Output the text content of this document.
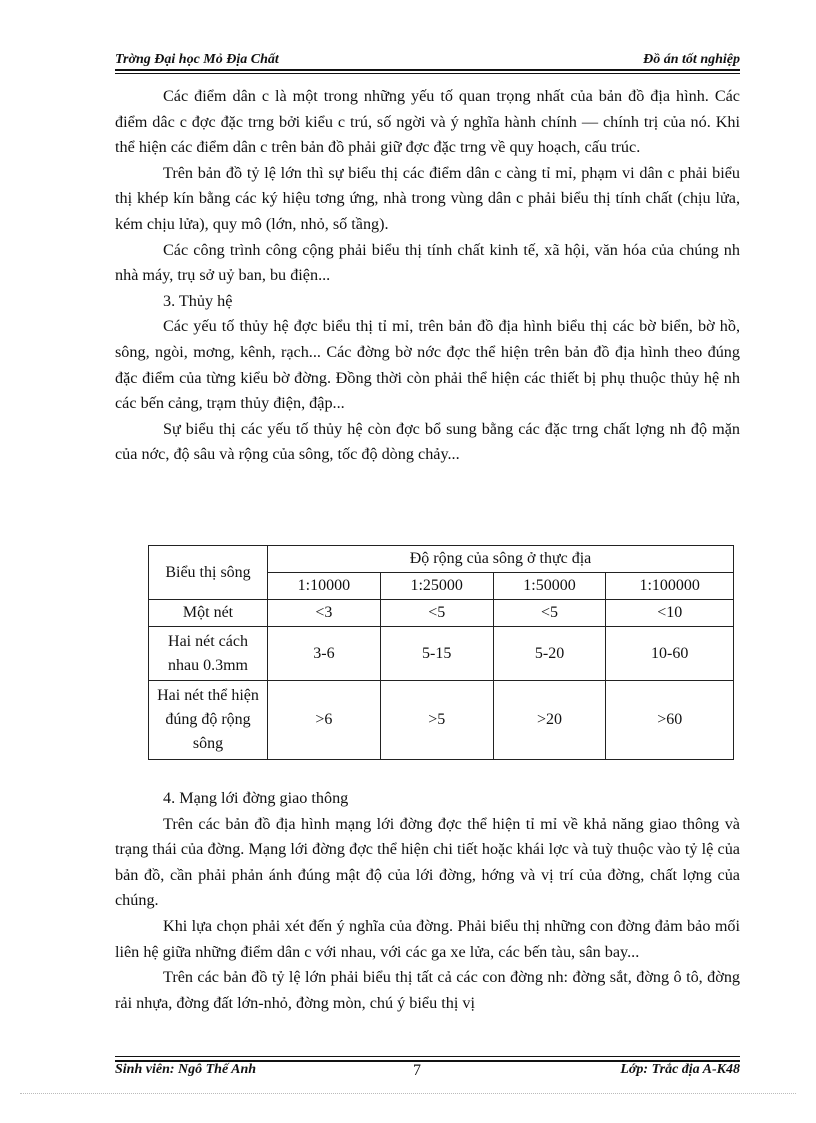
Trờng Đại học Mỏ Địa Chất	Đồ án tốt nghiệp

Các điểm dân c là một trong những yếu tố quan trọng nhất của bản đồ địa hình. Các điểm dâc c đợc đặc trng bởi kiểu c trú, số ngời và ý nghĩa hành chính — chính trị của nó. Khi thể hiện các điểm dân c trên bản đồ phải giữ đợc đặc trng về quy hoạch, cấu trúc.

Trên bản đồ tỷ lệ lớn thì sự biểu thị các điểm dân c càng tỉ mỉ, phạm vi dân c phải biểu thị khép kín bằng các ký hiệu tơng ứng, nhà trong vùng dân c phải biểu thị tính chất (chịu lửa, kém chịu lửa), quy mô (lớn, nhỏ, số tầng).

Các công trình công cộng phải biểu thị tính chất kinh tế, xã hội, văn hóa của chúng nh nhà máy, trụ sở uỷ ban, bu điện...

3. Thủy hệ

Các yếu tố thủy hệ đợc biểu thị tỉ mỉ, trên bản đồ địa hình biểu thị các bờ biển, bờ hồ, sông, ngòi, mơng, kênh, rạch... Các đờng bờ nớc đợc thể hiện trên bản đồ địa hình theo đúng đặc điểm của từng kiểu bờ đờng. Đồng thời còn phải thể hiện các thiết bị phụ thuộc thủy hệ nh các bến cảng, trạm thủy điện, đập...

Sự biểu thị các yếu tố thủy hệ còn đợc bổ sung bằng các đặc trng chất lợng nh độ mặn của nớc, độ sâu và rộng của sông, tốc độ dòng chảy...

Biểu thị sông	Độ rộng của sông ở thực địa			
	1:10000	1:25000	1:50000	1:100000
Một nét	<3	<5	<5	<10
Hai nét cách nhau 0.3mm	3-6	5-15	5-20	10-60
Hai nét thể hiện đúng độ rộng sông	>6	>5	>20	>60

4. Mạng lới đờng giao thông

Trên các bản đồ địa hình mạng lới đờng đợc thể hiện tỉ mỉ về khả năng giao thông và trạng thái của đờng. Mạng lới đờng đợc thể hiện chi tiết hoặc khái lợc và tuỳ thuộc vào tỷ lệ của bản đồ, cần phải phản ánh đúng mật độ của lới đờng, hớng và vị trí của đờng, chất lợng của chúng.

Khi lựa chọn phải xét đến ý nghĩa của đờng. Phải biểu thị những con đờng đảm bảo mối liên hệ giữa những điểm dân c với nhau, với các ga xe lửa, các bến tàu, sân bay...

Trên các bản đồ tỷ lệ lớn phải biểu thị tất cả các con đờng nh: đờng sắt, đờng ô tô, đờng rải nhựa, đờng đất lớn-nhỏ, đờng mòn, chú ý biểu thị vị

Sinh viên: Ngô Thế Anh	7	Lớp: Trắc địa A-K48
